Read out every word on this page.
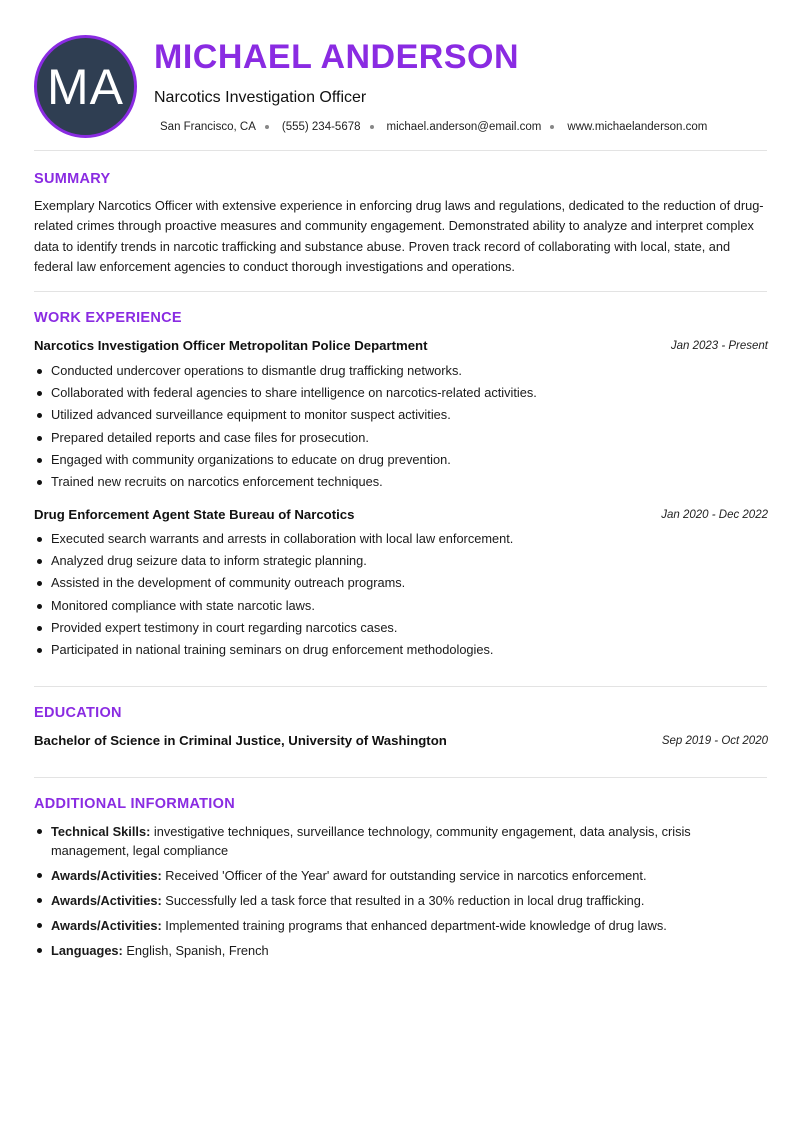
MA
MICHAEL ANDERSON
Narcotics Investigation Officer
San Francisco, CA (555) 234-5678 michael.anderson@email.com www.michaelanderson.com
SUMMARY
Exemplary Narcotics Officer with extensive experience in enforcing drug laws and regulations, dedicated to the reduction of drug-related crimes through proactive measures and community engagement. Demonstrated ability to analyze and interpret complex data to identify trends in narcotic trafficking and substance abuse. Proven track record of collaborating with local, state, and federal law enforcement agencies to conduct thorough investigations and operations.
WORK EXPERIENCE
Narcotics Investigation Officer Metropolitan Police Department	Jan 2023 - Present
Conducted undercover operations to dismantle drug trafficking networks.
Collaborated with federal agencies to share intelligence on narcotics-related activities.
Utilized advanced surveillance equipment to monitor suspect activities.
Prepared detailed reports and case files for prosecution.
Engaged with community organizations to educate on drug prevention.
Trained new recruits on narcotics enforcement techniques.
Drug Enforcement Agent State Bureau of Narcotics	Jan 2020 - Dec 2022
Executed search warrants and arrests in collaboration with local law enforcement.
Analyzed drug seizure data to inform strategic planning.
Assisted in the development of community outreach programs.
Monitored compliance with state narcotic laws.
Provided expert testimony in court regarding narcotics cases.
Participated in national training seminars on drug enforcement methodologies.
EDUCATION
Bachelor of Science in Criminal Justice, University of Washington	Sep 2019 - Oct 2020
ADDITIONAL INFORMATION
Technical Skills: investigative techniques, surveillance technology, community engagement, data analysis, crisis management, legal compliance
Awards/Activities: Received 'Officer of the Year' award for outstanding service in narcotics enforcement.
Awards/Activities: Successfully led a task force that resulted in a 30% reduction in local drug trafficking.
Awards/Activities: Implemented training programs that enhanced department-wide knowledge of drug laws.
Languages: English, Spanish, French
